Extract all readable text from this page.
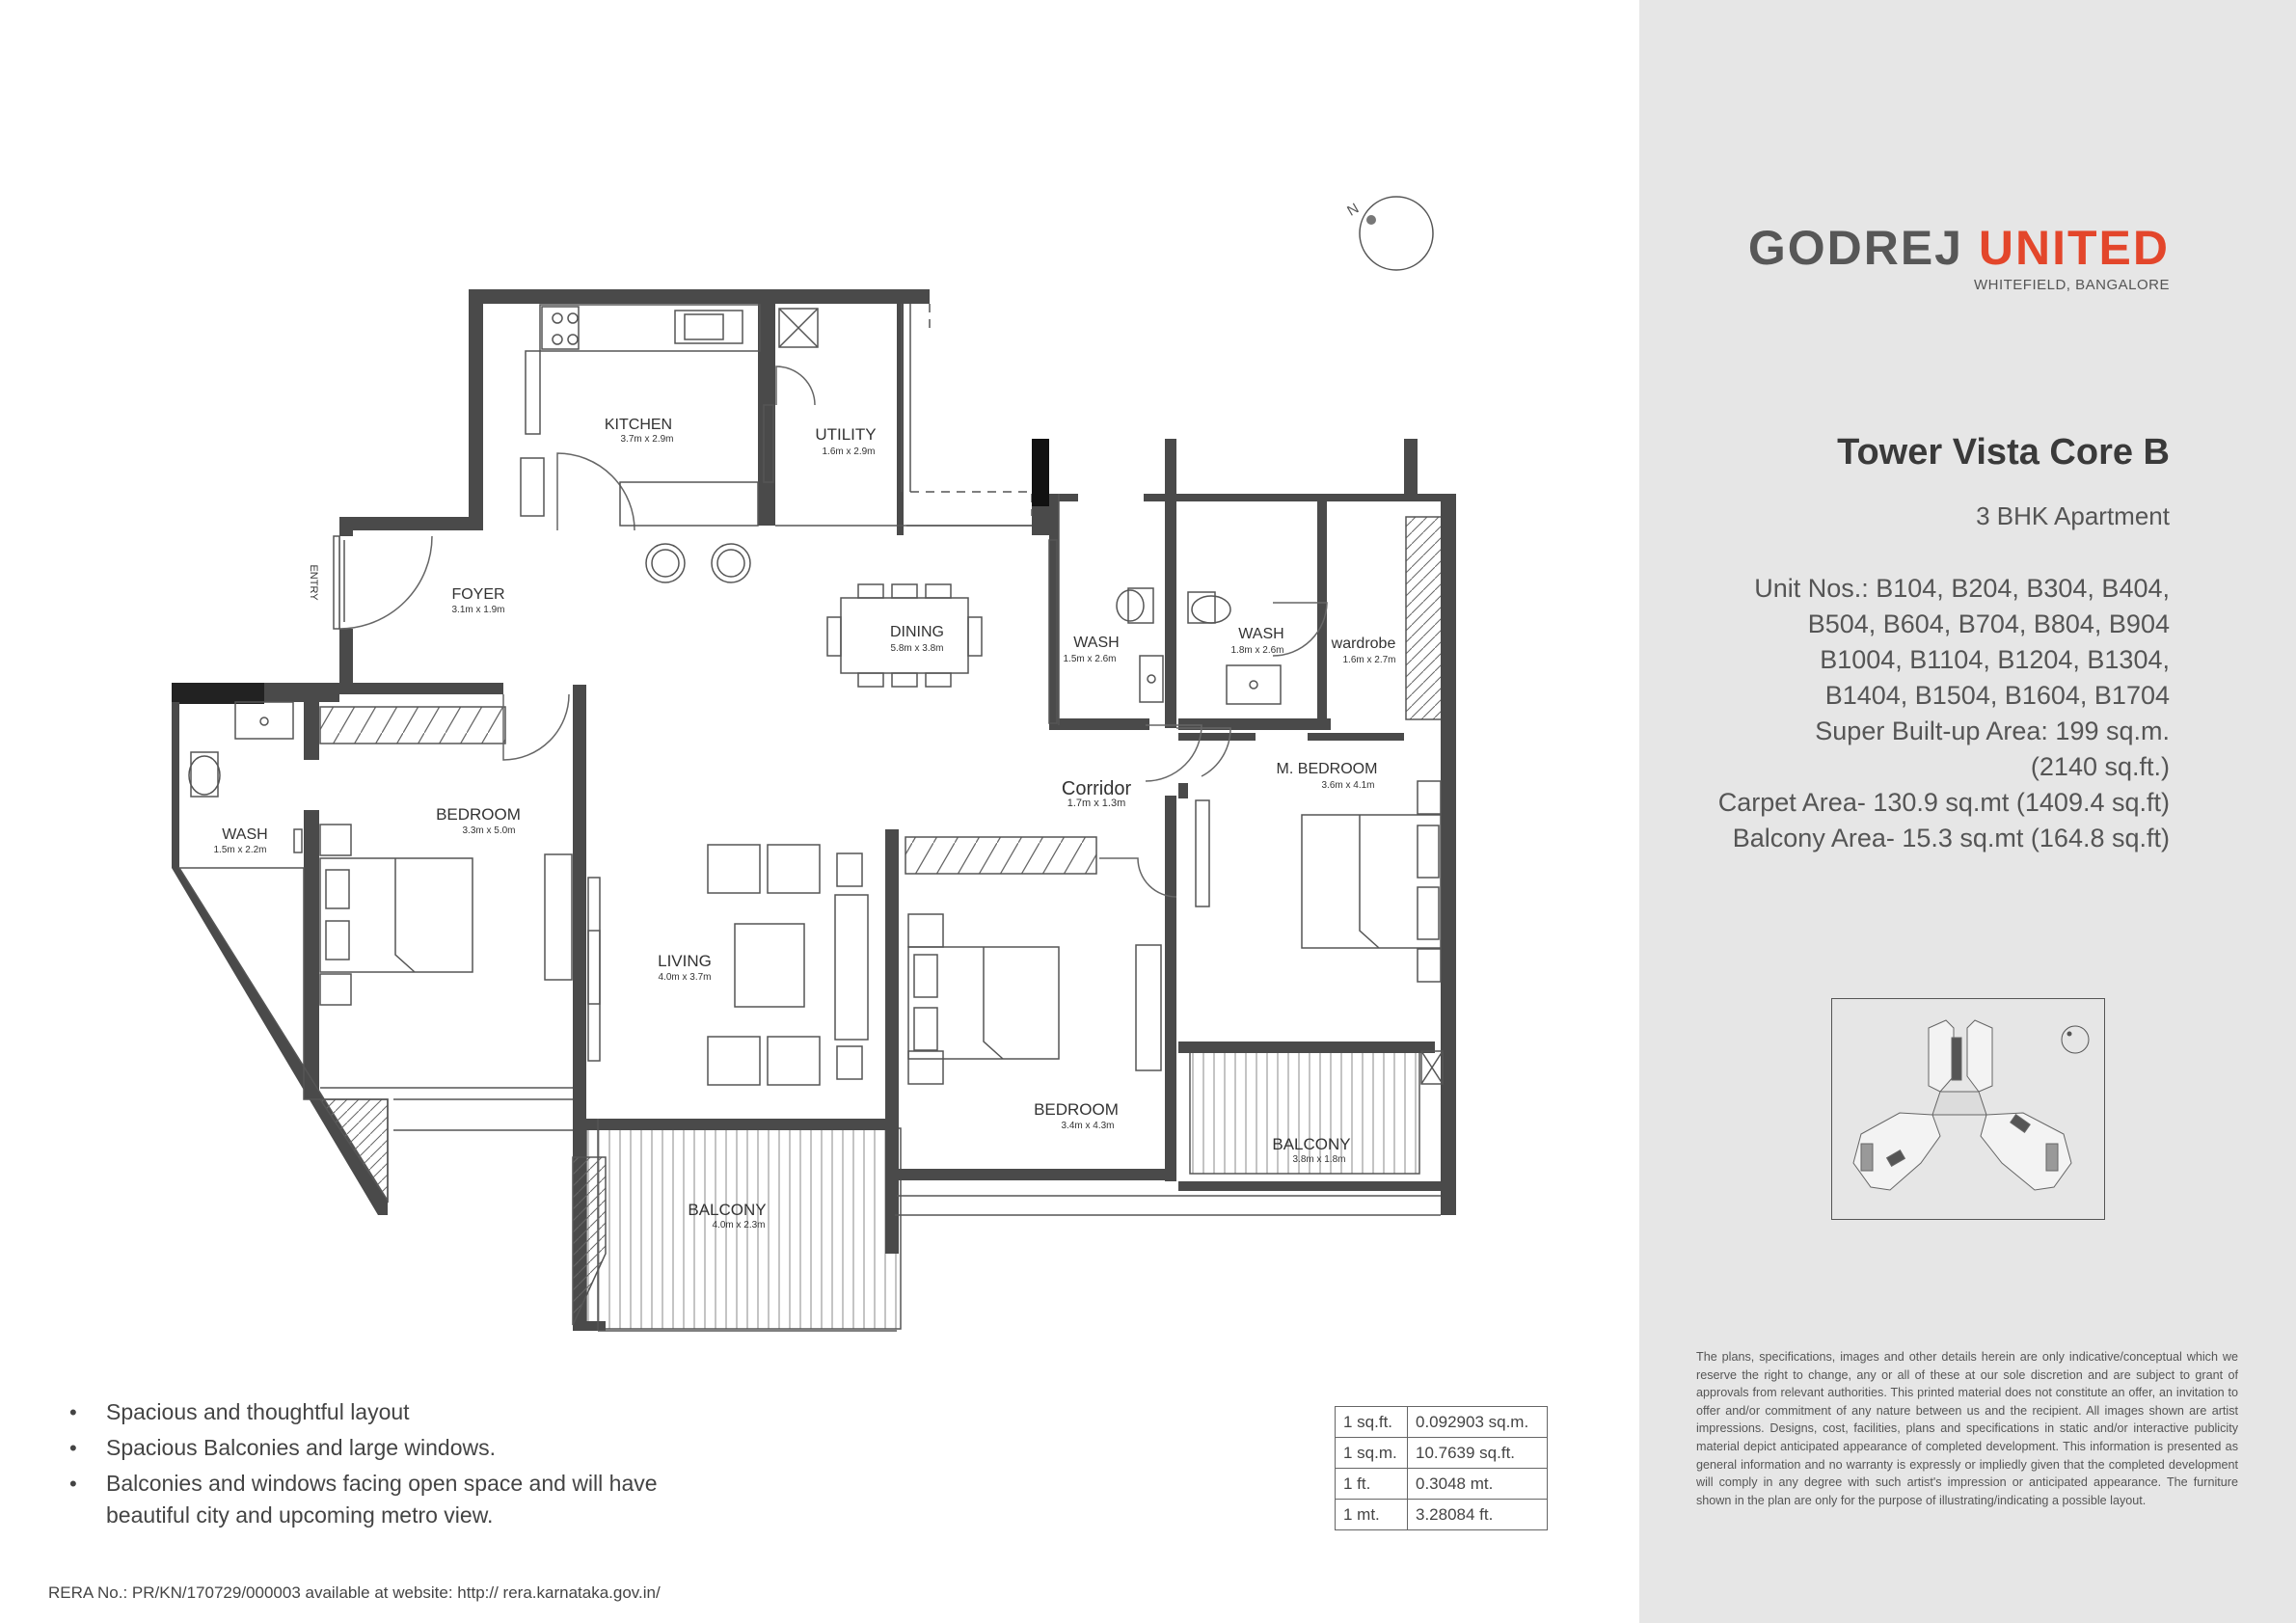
N
ENTRY
KITCHEN
3.7m x 2.9m	UTILITY
1.6m x 2.9m
FOYER
3.1m x 1.9m
DINING
5.8m x 3.8m	WASH
1.5m x 2.6m
WASH
1.8m x 2.6m	wardrobe
1.6m x 2.7m
WASH
1.5m x 2.2m
BEDROOM
3.3m x 5.0m
Corridor
1.7m x 1.3m
M. BEDROOM
3.6m x 4.1m
LIVING
4.0m x 3.7m
BEDROOM
3.4m x 4.3m
BALCONY
3.8m x 1.8m
BALCONY
4.0m x 2.3m
GODREJ UNITED
WHITEFIELD, BANGALORE
Tower Vista Core B
3 BHK Apartment
Unit Nos.: B104, B204, B304, B404,
B504, B604, B704, B804, B904
B1004, B1104, B1204, B1304,
B1404, B1504, B1604, B1704
Super Built-up Area: 199 sq.m.
(2140 sq.ft.)
Carpet Area- 130.9 sq.mt (1409.4 sq.ft)
Balcony Area- 15.3 sq.mt (164.8 sq.ft)
The plans, specifications, images and other details herein are only indicative/conceptual which we reserve the right to change, any or all of these at our sole discretion and are subject to grant of approvals from relevant authorities. This printed material does not constitute an offer, an invitation to offer and/or commitment of any nature between us and the recipient. All images shown are artist impressions. Designs, cost, facilities, plans and specifications in static and/or interactive publicity material depict anticipated appearance of completed development. This information is presented as general information and no warranty is expressly or impliedly given that the completed development will comply in any degree with such artist's impression or anticipated appearance. The furniture shown in the plan are only for the purpose of illustrating/indicating a possible layout.
• Spacious and thoughtful layout
• Spacious Balconies and large windows.
• Balconies and windows facing open space and will have beautiful city and upcoming metro view.
1 sq.ft.	0.092903 sq.m.
1 sq.m.	10.7639 sq.ft.
1 ft.	0.3048 mt.
1 mt.	3.28084 ft.
RERA No.: PR/KN/170729/000003 available at website: http:// rera.karnataka.gov.in/
